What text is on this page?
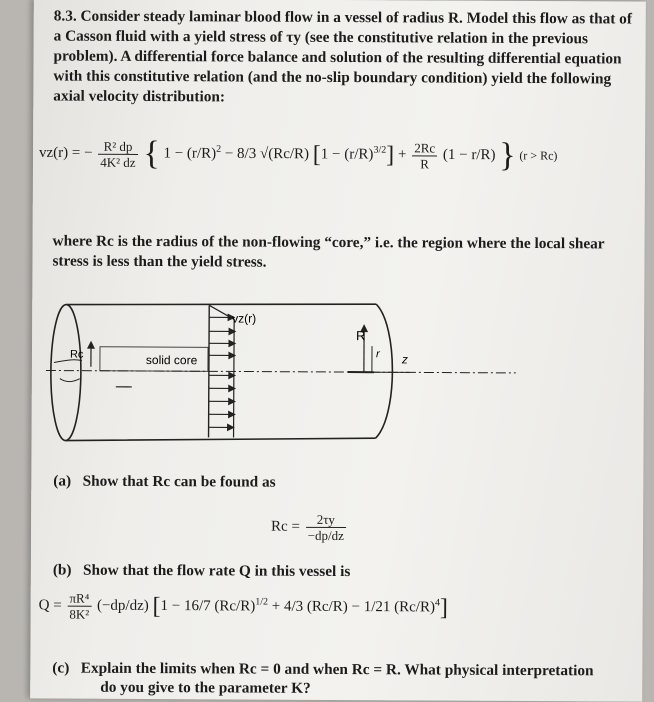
8.3. Consider steady laminar blood flow in a vessel of radius R. Model this flow as that of a Casson fluid with a yield stress of τy (see the constitutive relation in the previous problem). A differential force balance and solution of the resulting differential equation with this constitutive relation (and the no-slip boundary condition) yield the following axial velocity distribution:
vz(r) = − $\frac{\text{R² dp}}{\text{4K² dz}}$ { $1 - (r/R)^2 - 8/3$ √(Rc/R) $[1 - (r/R)^{3/2}] + \frac{2Rc}{R} (1 - r/R)$ } (r > Rc)
where Rc is the radius of the non-flowing “core,” i.e. the region where the local shear stress is less than the yield stress.
vz(r)
R
r z
Rc	solid core
(a) Show that Rc can be found as
$Rc = \frac{2\tau y}{-dp/dz}$
(b) Show that the flow rate Q in this vessel is
$Q = \frac{\text{πR⁴}}{\text{8K²}} (-dp/dz) [1 - 16/7$ $(Rc/R)^{1/2} + 4/3$ (Rc/R) − 1/21 $(Rc/R)^4$]
(c) Explain the limits when Rc = 0 and when Rc = R. What physical interpretation
do you give to the parameter K?
